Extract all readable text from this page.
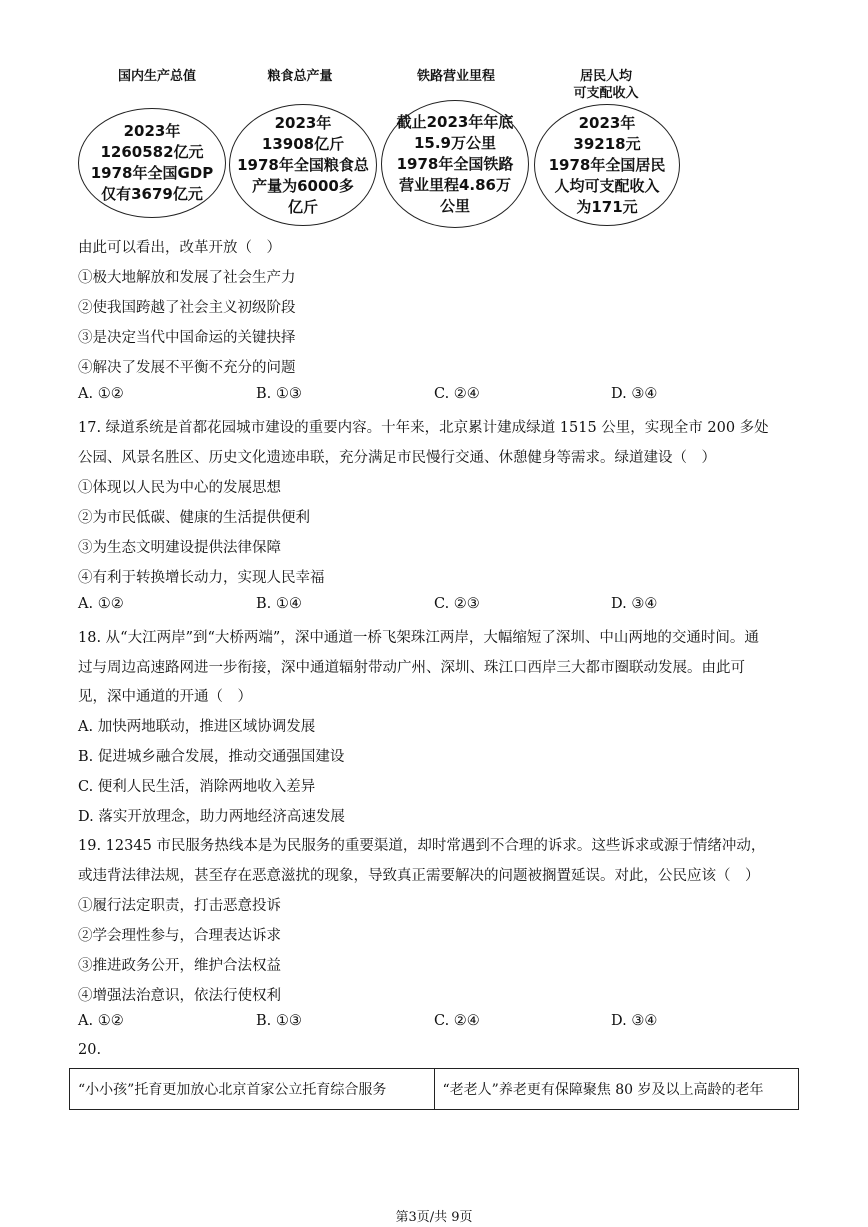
国内生产总值	粮食总产量	铁路营业里程	居民人均
可支配收入
2023年
1260582亿元
1978年全国GDP
仅有3679亿元
2023年
13908亿斤
1978年全国粮食总
产量为6000多
亿斤
截止2023年年底
15.9万公里
1978年全国铁路
营业里程4.86万
公里
2023年
39218元
1978年全国居民
人均可支配收入
为171元
由此可以看出，改革开放（　）
①极大地解放和发展了社会生产力
②使我国跨越了社会主义初级阶段
③是决定当代中国命运的关键抉择
④解决了发展不平衡不充分的问题
A. ①②	B. ①③	C. ②④	D. ③④
17. 绿道系统是首都花园城市建设的重要内容。十年来，北京累计建成绿道 1515 公里，实现全市 200 多处
公园、风景名胜区、历史文化遗迹串联，充分满足市民慢行交通、休憩健身等需求。绿道建设（　）
①体现以人民为中心的发展思想
②为市民低碳、健康的生活提供便利
③为生态文明建设提供法律保障
④有利于转换增长动力，实现人民幸福
A. ①②	B. ①④	C. ②③	D. ③④
18. 从“大江两岸”到“大桥两端”，深中通道一桥飞架珠江两岸，大幅缩短了深圳、中山两地的交通时间。通
过与周边高速路网进一步衔接，深中通道辐射带动广州、深圳、珠江口西岸三大都市圈联动发展。由此可
见，深中通道的开通（　）
A. 加快两地联动，推进区域协调发展
B. 促进城乡融合发展，推动交通强国建设
C. 便利人民生活，消除两地收入差异
D. 落实开放理念，助力两地经济高速发展
19. 12345 市民服务热线本是为民服务的重要渠道，却时常遇到不合理的诉求。这些诉求或源于情绪冲动，
或违背法律法规，甚至存在恶意滋扰的现象，导致真正需要解决的问题被搁置延误。对此，公民应该（　）
①履行法定职责，打击恶意投诉
②学会理性参与，合理表达诉求
③推进政务公开，维护合法权益
④增强法治意识，依法行使权利
A. ①②	B. ①③	C. ②④	D. ③④
20.
“小小孩”托育更加放心北京首家公立托育综合服务	“老老人”养老更有保障聚焦 80 岁及以上高龄的老年
第3页/共 9页
